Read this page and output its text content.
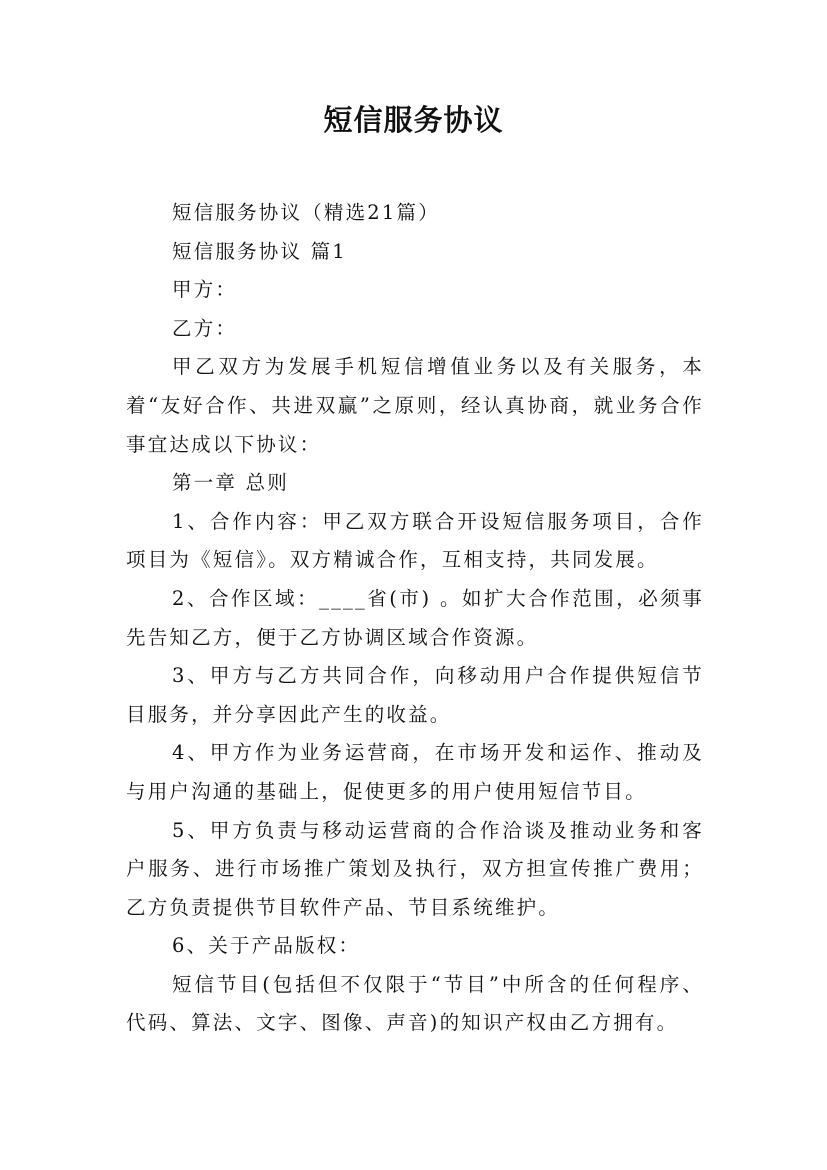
短信服务协议

短信服务协议（精选21篇）

短信服务协议 篇1

甲方：

乙方：

甲乙双方为发展手机短信增值业务以及有关服务，本着“友好合作、共进双赢”之原则，经认真协商，就业务合作事宜达成以下协议：

第一章 总则

1、合作内容：甲乙双方联合开设短信服务项目，合作项目为《短信》。双方精诚合作，互相支持，共同发展。

2、合作区域：____省(市) 。如扩大合作范围，必须事先告知乙方，便于乙方协调区域合作资源。

3、甲方与乙方共同合作，向移动用户合作提供短信节目服务，并分享因此产生的收益。

4、甲方作为业务运营商，在市场开发和运作、推动及与用户沟通的基础上，促使更多的用户使用短信节目。

5、甲方负责与移动运营商的合作洽谈及推动业务和客户服务、进行市场推广策划及执行，双方担宣传推广费用；乙方负责提供节目软件产品、节目系统维护。

6、关于产品版权：

短信节目(包括但不仅限于“节目”中所含的任何程序、代码、算法、文字、图像、声音)的知识产权由乙方拥有。
